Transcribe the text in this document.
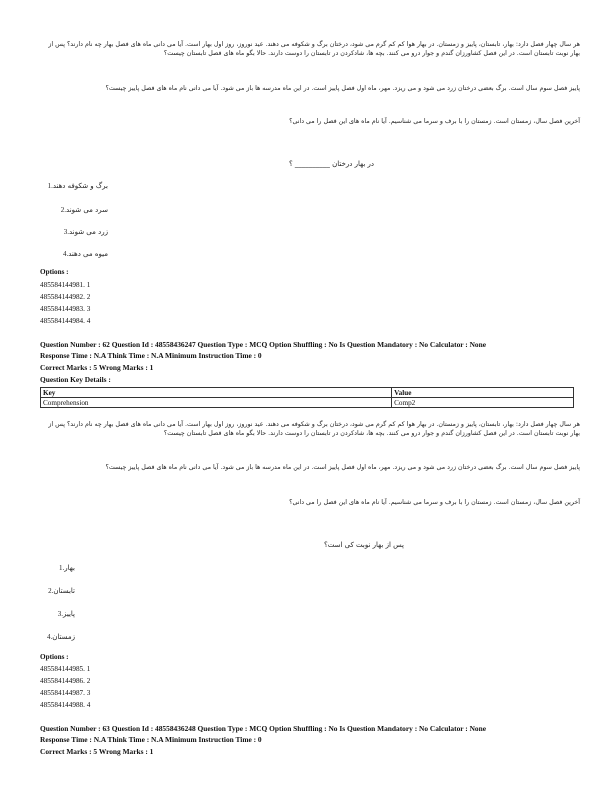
هر سال چهار فصل دارد: بهار، تابستان، پاییز و زمستان. در بهار هوا کم کم گرم می شود، درختان برگ و شکوفه می دهند. عید نوروز، روز اول بهار است. آیا می دانی ماه های فصل بهار چه نام دارند؟ پس از بهار نوبت تابستان است. در این فصل کشاورزان گندم و جوار درو می کنند. بچه ها، شادکردن در تابستان را دوست دارند. حالا بگو ماه های فصل تابستان چیست؟
پاییز فصل سوم سال است. برگ بعضی درختان زرد می شود و می ریزد. مهر، ماه اول فصل پاییز است. در این ماه مدرسه ها باز می شود. آیا می دانی نام ماه های فصل پاییز چیست؟
آخرین فصل سال، زمستان است. زمستان را با برف و سرما می شناسیم. آیا نام ماه های این فصل را می دانی؟
در بهار درختان __________ ؟
برگ و شکوفه دهند.1
سرد می شوند.2
زرد می شوند.3
میوه می دهند.4
Options :
485584144981. 1
485584144982. 2
485584144983. 3
485584144984. 4
Question Number : 62 Question Id : 48558436247 Question Type : MCQ Option Shuffling : No Is Question Mandatory : No Calculator : None
Response Time : N.A Think Time : N.A Minimum Instruction Time : 0
Correct Marks : 5 Wrong Marks : 1
Question Key Details :
Key	Value
Comprehension	Comp2
هر سال چهار فصل دارد: بهار، تابستان، پاییز و زمستان. در بهار هوا کم کم گرم می شود، درختان برگ و شکوفه می دهند. عید نوروز، روز اول بهار است. آیا می دانی ماه های فصل بهار چه نام دارند؟ پس از بهار نوبت تابستان است. در این فصل کشاورزان گندم و جوار درو می کنند. بچه ها، شادکردن در تابستان را دوست دارند. حالا بگو ماه های فصل تابستان چیست؟
پاییز فصل سوم سال است. برگ بعضی درختان زرد می شود و می ریزد. مهر، ماه اول فصل پاییز است. در این ماه مدرسه ها باز می شود. آیا می دانی نام ماه های فصل پاییز چیست؟
آخرین فصل سال، زمستان است. زمستان را با برف و سرما می شناسیم. آیا نام ماه های این فصل را می دانی؟
پس از بهار نوبت کی است؟
بهار.1
تابستان.2
پاییز.3
زمستان.4
Options :
485584144985. 1
485584144986. 2
485584144987. 3
485584144988. 4
Question Number : 63 Question Id : 48558436248 Question Type : MCQ Option Shuffling : No Is Question Mandatory : No Calculator : None
Response Time : N.A Think Time : N.A Minimum Instruction Time : 0
Correct Marks : 5 Wrong Marks : 1
